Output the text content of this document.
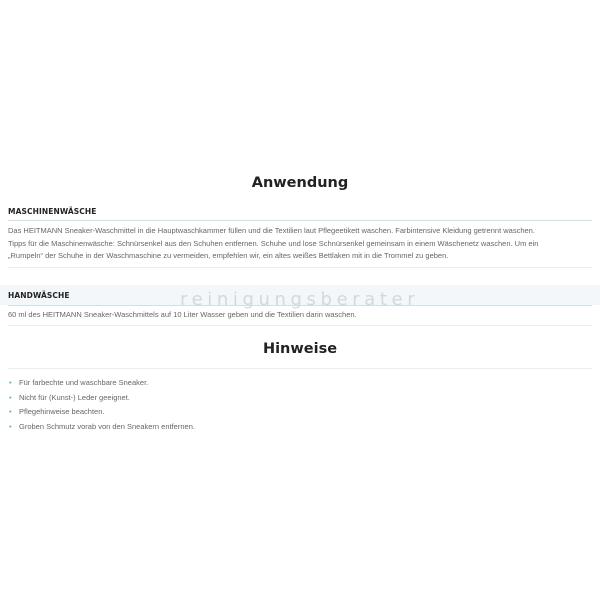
Anwendung
MASCHINENWÄSCHE

Das HEITMANN Sneaker-Waschmittel in die Hauptwaschkammer füllen und die Textilien laut Pflegeetikett waschen. Farbintensive Kleidung getrennt waschen.

Tipps für die Maschinenwäsche: Schnürsenkel aus den Schuhen entfernen. Schuhe und lose Schnürsenkel gemeinsam in einem Wäschenetz waschen. Um ein

„Rumpeln“ der Schuhe in der Waschmaschine zu vermeiden, empfehlen wir, ein altes weißes Bettlaken mit in die Trommel zu geben.

HANDWÄSCHE

60 ml des HEITMANN Sneaker-Waschmittels auf 10 Liter Wasser geben und die Textilien darin waschen.

reinigungsberater
Hinweise
• Für farbechte und waschbare Sneaker.
• Nicht für (Kunst-) Leder geeignet.
• Pflegehinweise beachten.
• Groben Schmutz vorab von den Sneakern entfernen.
